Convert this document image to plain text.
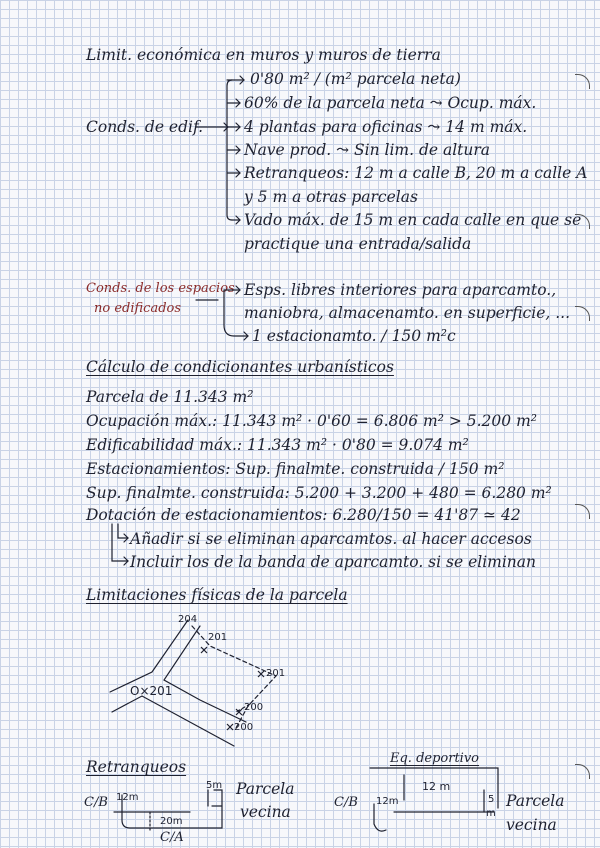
Limit. económica en muros y muros de tierra
Conds. de edif.
0'80 m² / (m² parcela neta)
60% de la parcela neta ⤳ Ocup. máx.
4 plantas para oficinas ⤳ 14 m máx.
Nave prod. ⤳ Sin lim. de altura
Retranqueos: 12 m a calle B, 20 m a calle A
y 5 m a otras parcelas
Vado máx. de 15 m en cada calle en que se
practique una entrada/salida
Conds. de los espacios
no edificados
Esps. libres interiores para aparcamto.,
maniobra, almacenamto. en superficie, ...
1 estacionamto. / 150 m²c
Cálculo de condicionantes urbanísticos
Parcela de 11.343 m²
Ocupación máx.: 11.343 m² · 0'60 = 6.806 m² > 5.200 m²
Edificabilidad máx.: 11.343 m² · 0'80 = 9.074 m²
Estacionamientos: Sup. finalmte. construida / 150 m²
Sup. finalmte. construida: 5.200 + 3.200 + 480 = 6.280 m²
Dotación de estacionamientos: 6.280/150 = 41'87 ≃ 42
Añadir si se eliminan aparcamtos. al hacer accesos
Incluir los de la banda de aparcamto. si se eliminan
Limitaciones físicas de la parcela
Retranqueos
204
201
201
O×201
200
200
C/B 12m
5m
20m
C/A
Parcela
vecina
Eq. deportivo
12 m
C/B 12m	5
m
Parcela
vecina
